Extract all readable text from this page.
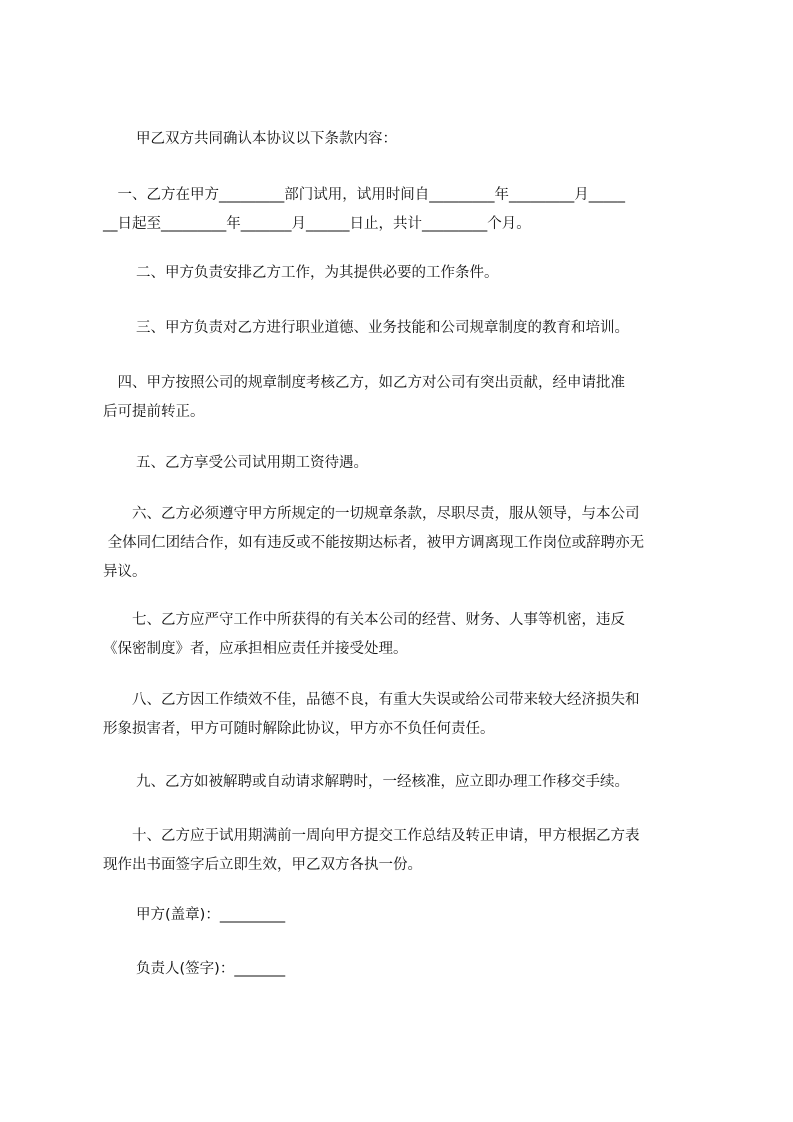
甲乙双方共同确认本协议以下条款内容：

　一、乙方在甲方_________部门试用，试用时间自_________年_________月_____
__日起至_________年_______月______日止，共计_________个月。

二、甲方负责安排乙方工作，为其提供必要的工作条件。

三、甲方负责对乙方进行职业道德、业务技能和公司规章制度的教育和培训。

　四、甲方按照公司的规章制度考核乙方，如乙方对公司有突出贡献，经申请批准
后可提前转正。

五、乙方享受公司试用期工资待遇。

　　六、乙方必须遵守甲方所规定的一切规章条款，尽职尽责，服从领导，与本公司
全体同仁团结合作，如有违反或不能按期达标者，被甲方调离现工作岗位或辞聘亦无
异议。

　　七、乙方应严守工作中所获得的有关本公司的经营、财务、人事等机密，违反
《保密制度》者，应承担相应责任并接受处理。

　　八、乙方因工作绩效不佳，品德不良，有重大失误或给公司带来较大经济损失和
形象损害者，甲方可随时解除此协议，甲方亦不负任何责任。

九、乙方如被解聘或自动请求解聘时，一经核准，应立即办理工作移交手续。

　　十、乙方应于试用期满前一周向甲方提交工作总结及转正申请，甲方根据乙方表
现作出书面签字后立即生效，甲乙双方各执一份。

甲方(盖章)：_________

负责人(签字)：_______
